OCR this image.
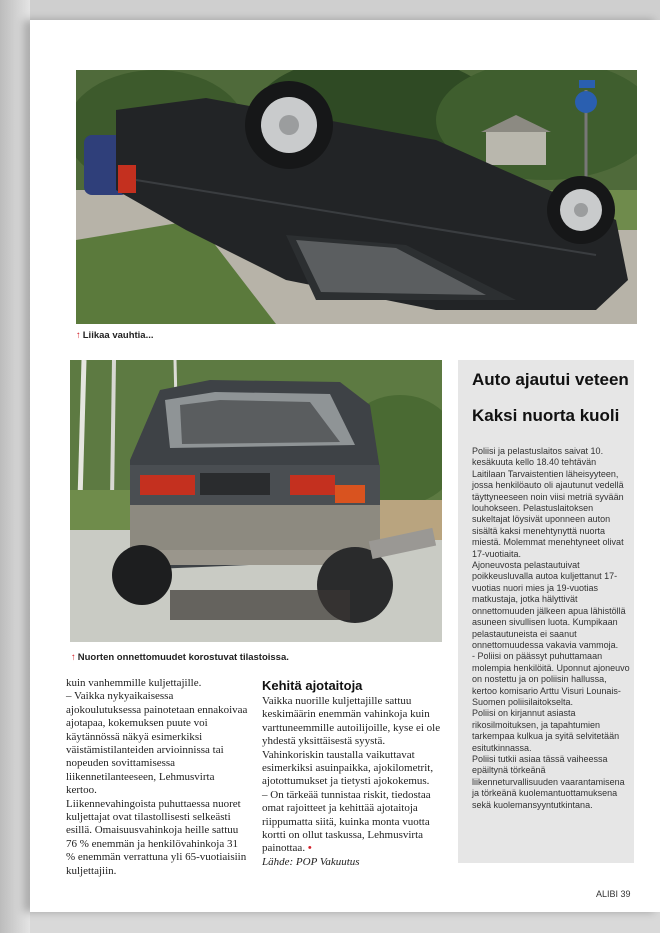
↑ Liikaa vauhtia...
↑ Nuorten onnettomuudet korostuvat tilastoissa.
Auto ajautui veteen
Kaksi nuorta kuoli

Poliisi ja pelastuslaitos saivat 10. kesäkuuta kello 18.40 tehtävän Laitilaan Tarvaistentien läheisyyteen, jossa henkilöauto oli ajautunut vedellä täyttyneeseen noin viisi metriä syvään louhokseen. Pelastuslaitoksen sukeltajat löysivät uponneen auton sisältä kaksi menehtynyttä nuorta miestä. Molemmat menehtyneet olivat 17-vuotiaita.

Ajoneuvosta pelastautuivat poikkeusluvalla autoa kuljettanut 17-vuotias nuori mies ja 19-vuotias matkustaja, jotka hälyttivät onnettomuuden jälkeen apua lähistöllä asuneen sivullisen luota. Kumpikaan pelastautuneista ei saanut onnettomuudessa vakavia vammoja.

- Poliisi on päässyt puhuttamaan molempia henkilöitä. Uponnut ajoneuvo on nostettu ja on poliisin hallussa, kertoo komisario Arttu Visuri Lounais-Suomen poliisilaitokselta.

Poliisi on kirjannut asiasta rikosilmoituksen, ja tapahtumien tarkempaa kulkua ja syitä selvitetään esitutkinnassa.

Poliisi tutkii asiaa tässä vaiheessa epäiltynä törkeänä liikenneturvallisuuden vaarantamisena ja törkeänä kuolemantuottamuksena sekä kuolemansyyntutkintana.

kuin vanhemmille kuljettajille.

– Vaikka nykyaikaisessa ajokoulutuksessa painotetaan ennakoivaa ajotapaa, kokemuksen puute voi käytännössä näkyä esimerkiksi väistämistilanteiden arvioinnissa tai nopeuden sovittamisessa liikennetilanteeseen, Lehmusvirta kertoo.

Liikennevahingoista puhuttaessa nuoret kuljettajat ovat tilastollisesti selkeästi esillä. Omaisuusvahinkoja heille sattuu 76 % enemmän ja henkilövahinkoja 31 % enemmän verrattuna yli 65-vuotiaisiin kuljettajiin.

Kehitä ajotaitoja

Vaikka nuorille kuljettajille sattuu keskimäärin enemmän vahinkoja kuin varttuneemmille autoilijoille, kyse ei ole yhdestä yksittäisestä syystä. Vahinkoriskin taustalla vaikuttavat esimerkiksi asuinpaikka, ajokilometrit, ajotottumukset ja tietysti ajokokemus.

– On tärkeää tunnistaa riskit, tiedostaa omat rajoitteet ja kehittää ajotaitoja riippumatta siitä, kuinka monta vuotta kortti on ollut taskussa, Lehmusvirta painottaa. •

Lähde: POP Vakuutus

ALIBI 39
